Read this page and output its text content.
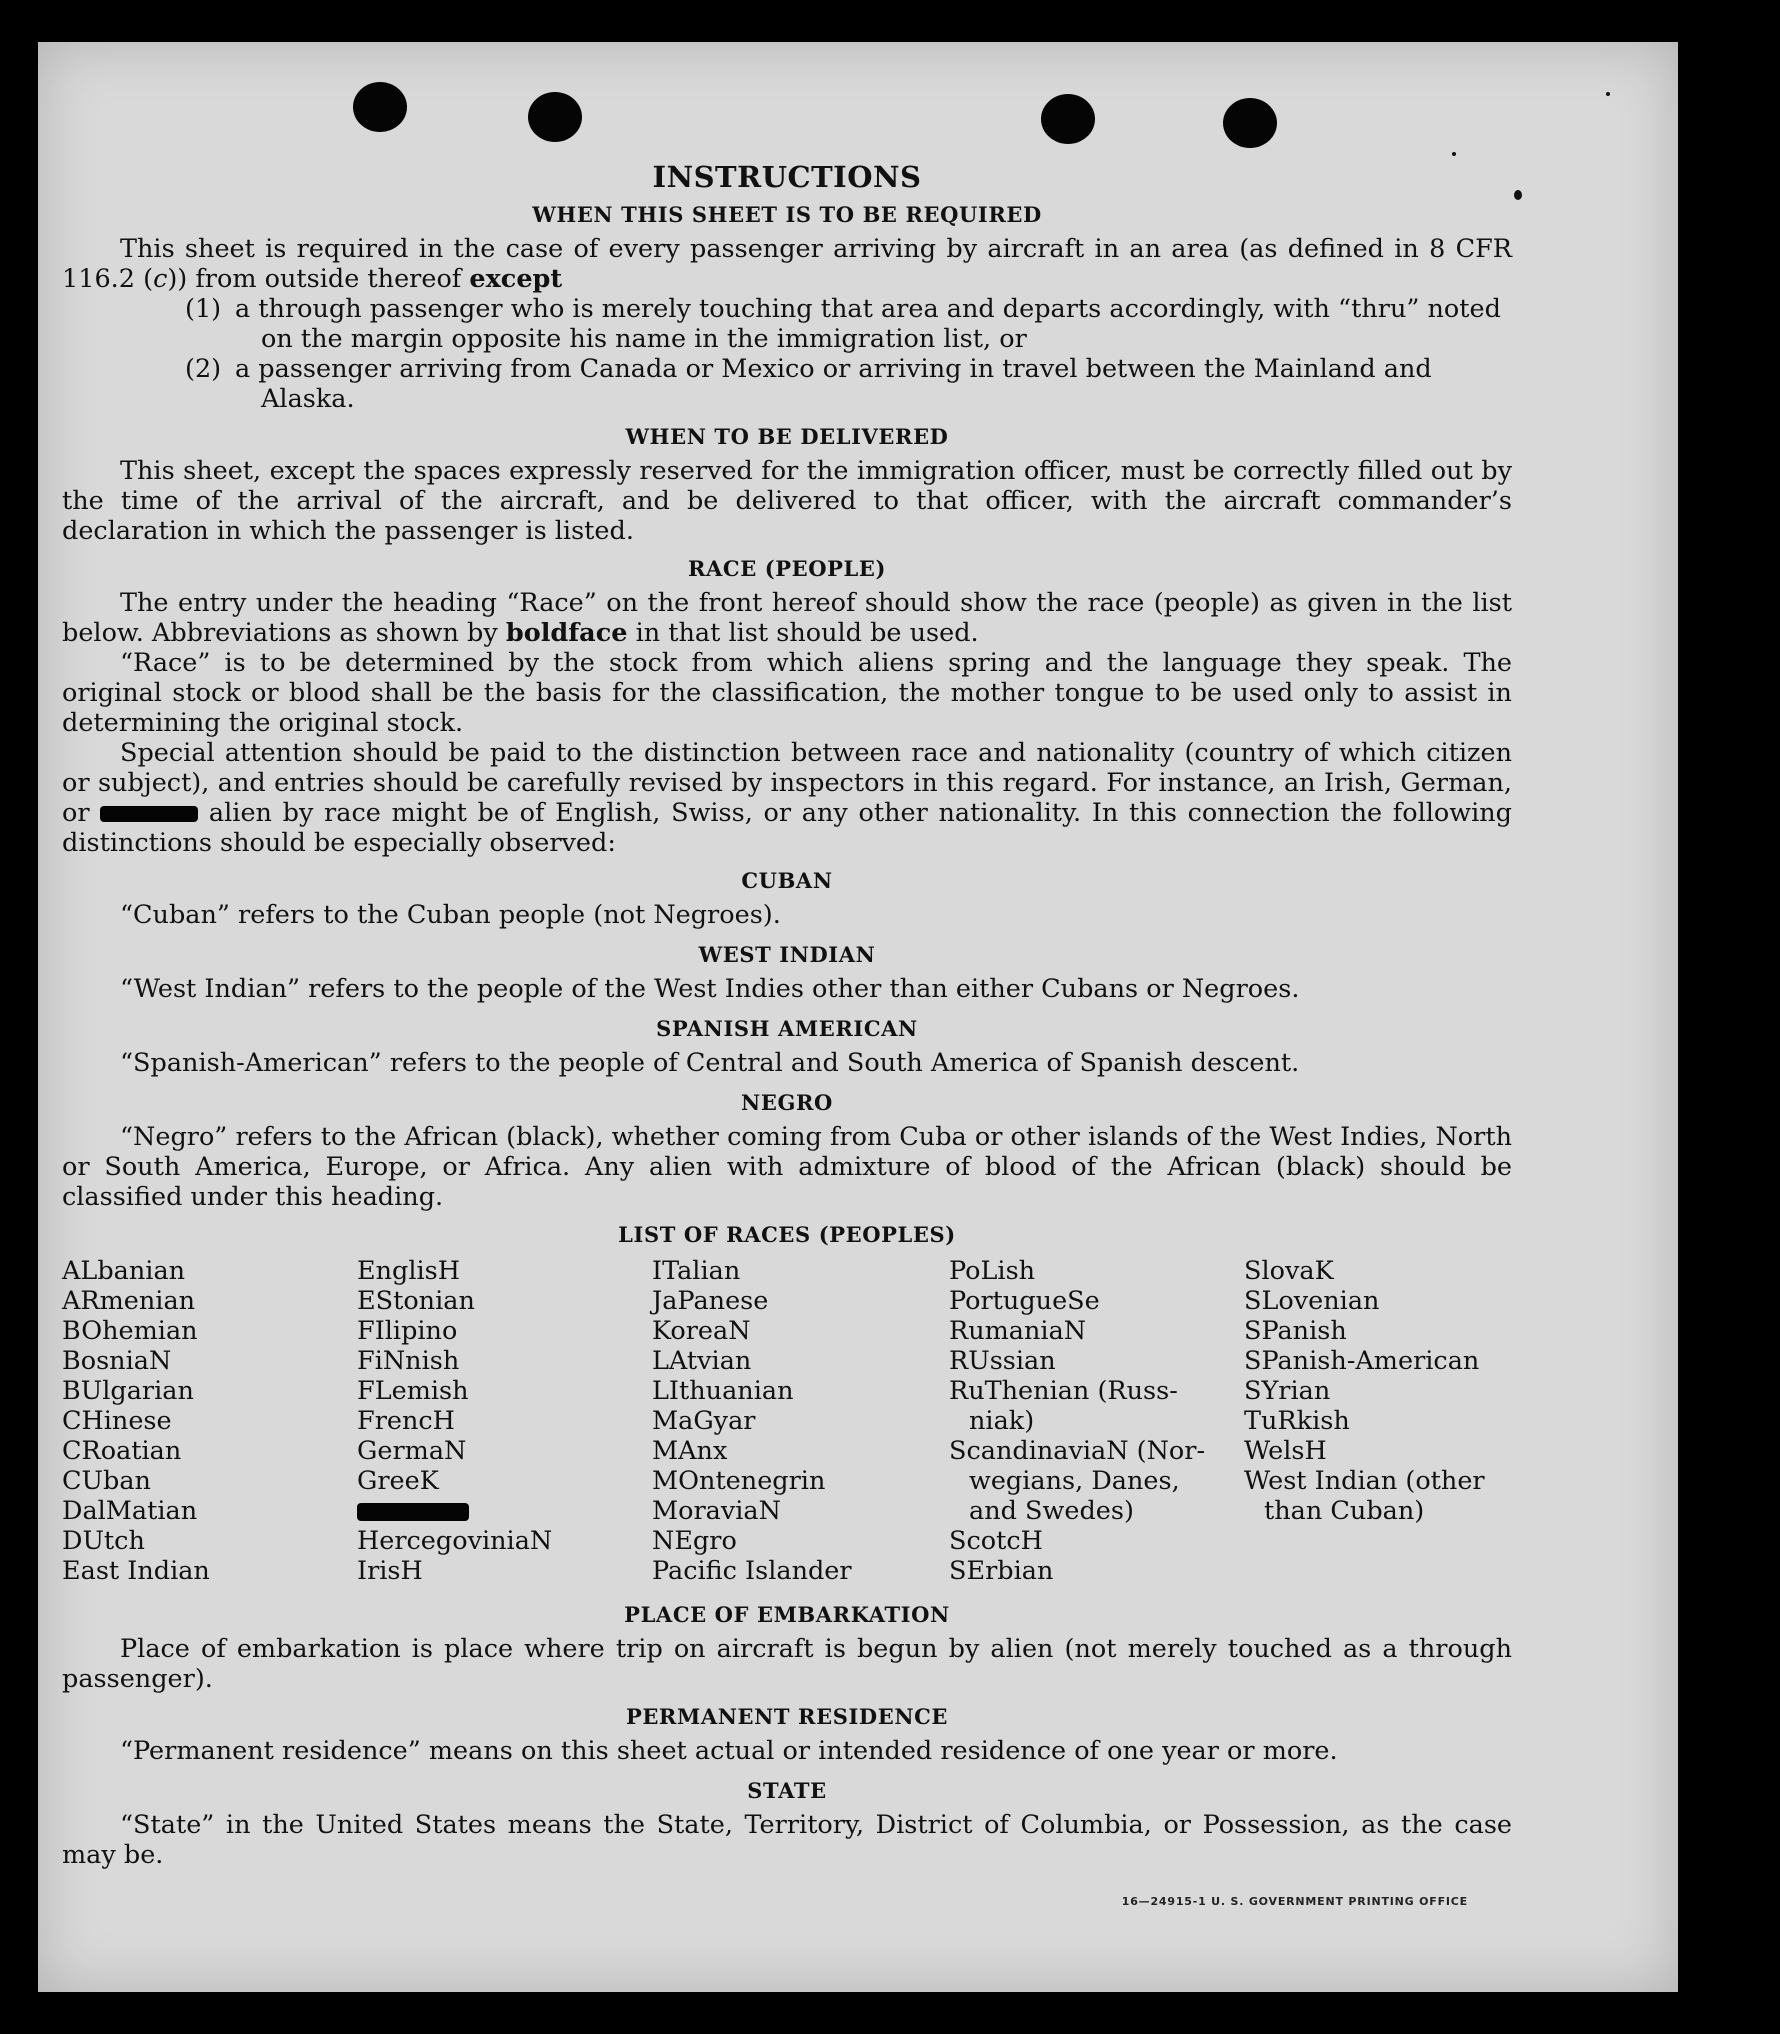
INSTRUCTIONS
WHEN THIS SHEET IS TO BE REQUIRED

This sheet is required in the case of every passenger arriving by aircraft in an area (as defined in 8 CFR 116.2 (c)) from outside thereof except

(1) a through passenger who is merely touching that area and departs accordingly, with “thru” noted
on the margin opposite his name in the immigration list, or
(2) a passenger arriving from Canada or Mexico or arriving in travel between the Mainland and
Alaska.
WHEN TO BE DELIVERED

This sheet, except the spaces expressly reserved for the immigration officer, must be correctly filled out by the time of the arrival of the aircraft, and be delivered to that officer, with the aircraft commander’s declaration in which the passenger is listed.

RACE (PEOPLE)

The entry under the heading “Race” on the front hereof should show the race (people) as given in the list below. Abbreviations as shown by boldface in that list should be used.

“Race” is to be determined by the stock from which aliens spring and the language they speak. The original stock or blood shall be the basis for the classification, the mother tongue to be used only to assist in determining the original stock.

Special attention should be paid to the distinction between race and nationality (country of which citizen or subject), and entries should be carefully revised by inspectors in this regard. For instance, an Irish, German, or	alien by race might be of English, Swiss, or any other nationality. In this connection the following distinctions should be especially observed:

CUBAN

“Cuban” refers to the Cuban people (not Negroes).

WEST INDIAN

“West Indian” refers to the people of the West Indies other than either Cubans or Negroes.

SPANISH AMERICAN

“Spanish-American” refers to the people of Central and South America of Spanish descent.

NEGRO

“Negro” refers to the African (black), whether coming from Cuba or other islands of the West Indies, North or South America, Europe, or Africa. Any alien with admixture of blood of the African (black) should be classified under this heading.

LIST OF RACES (PEOPLES)
ALbanian
ARmenian
BOhemian
BosniaN
BUlgarian
CHinese
CRoatian
CUban
DalMatian
DUtch
East Indian
EnglisH
EStonian
FIlipino
FiNnish
FLemish
FrencH
GermaN
GreeK
HercegoviniaN
IrisH
ITalian
JaPanese
KoreaN
LAtvian
LIthuanian
MaGyar
MAnx
MOntenegrin
MoraviaN
NEgro
Pacific Islander
PoLish
PortugueSe
RumaniaN
RUssian
RuThenian (Russ-
niak)
ScandinaviaN (Nor-
wegians, Danes,
and Swedes)
ScotcH
SErbian
SlovaK
SLovenian
SPanish
SPanish-American
SYrian
TuRkish
WelsH
West Indian (other
than Cuban)
PLACE OF EMBARKATION

Place of embarkation is place where trip on aircraft is begun by alien (not merely touched as a through passenger).

PERMANENT RESIDENCE

“Permanent residence” means on this sheet actual or intended residence of one year or more.

STATE

“State” in the United States means the State, Territory, District of Columbia, or Possession, as the case may be.

16—24915-1 U. S. GOVERNMENT PRINTING OFFICE
